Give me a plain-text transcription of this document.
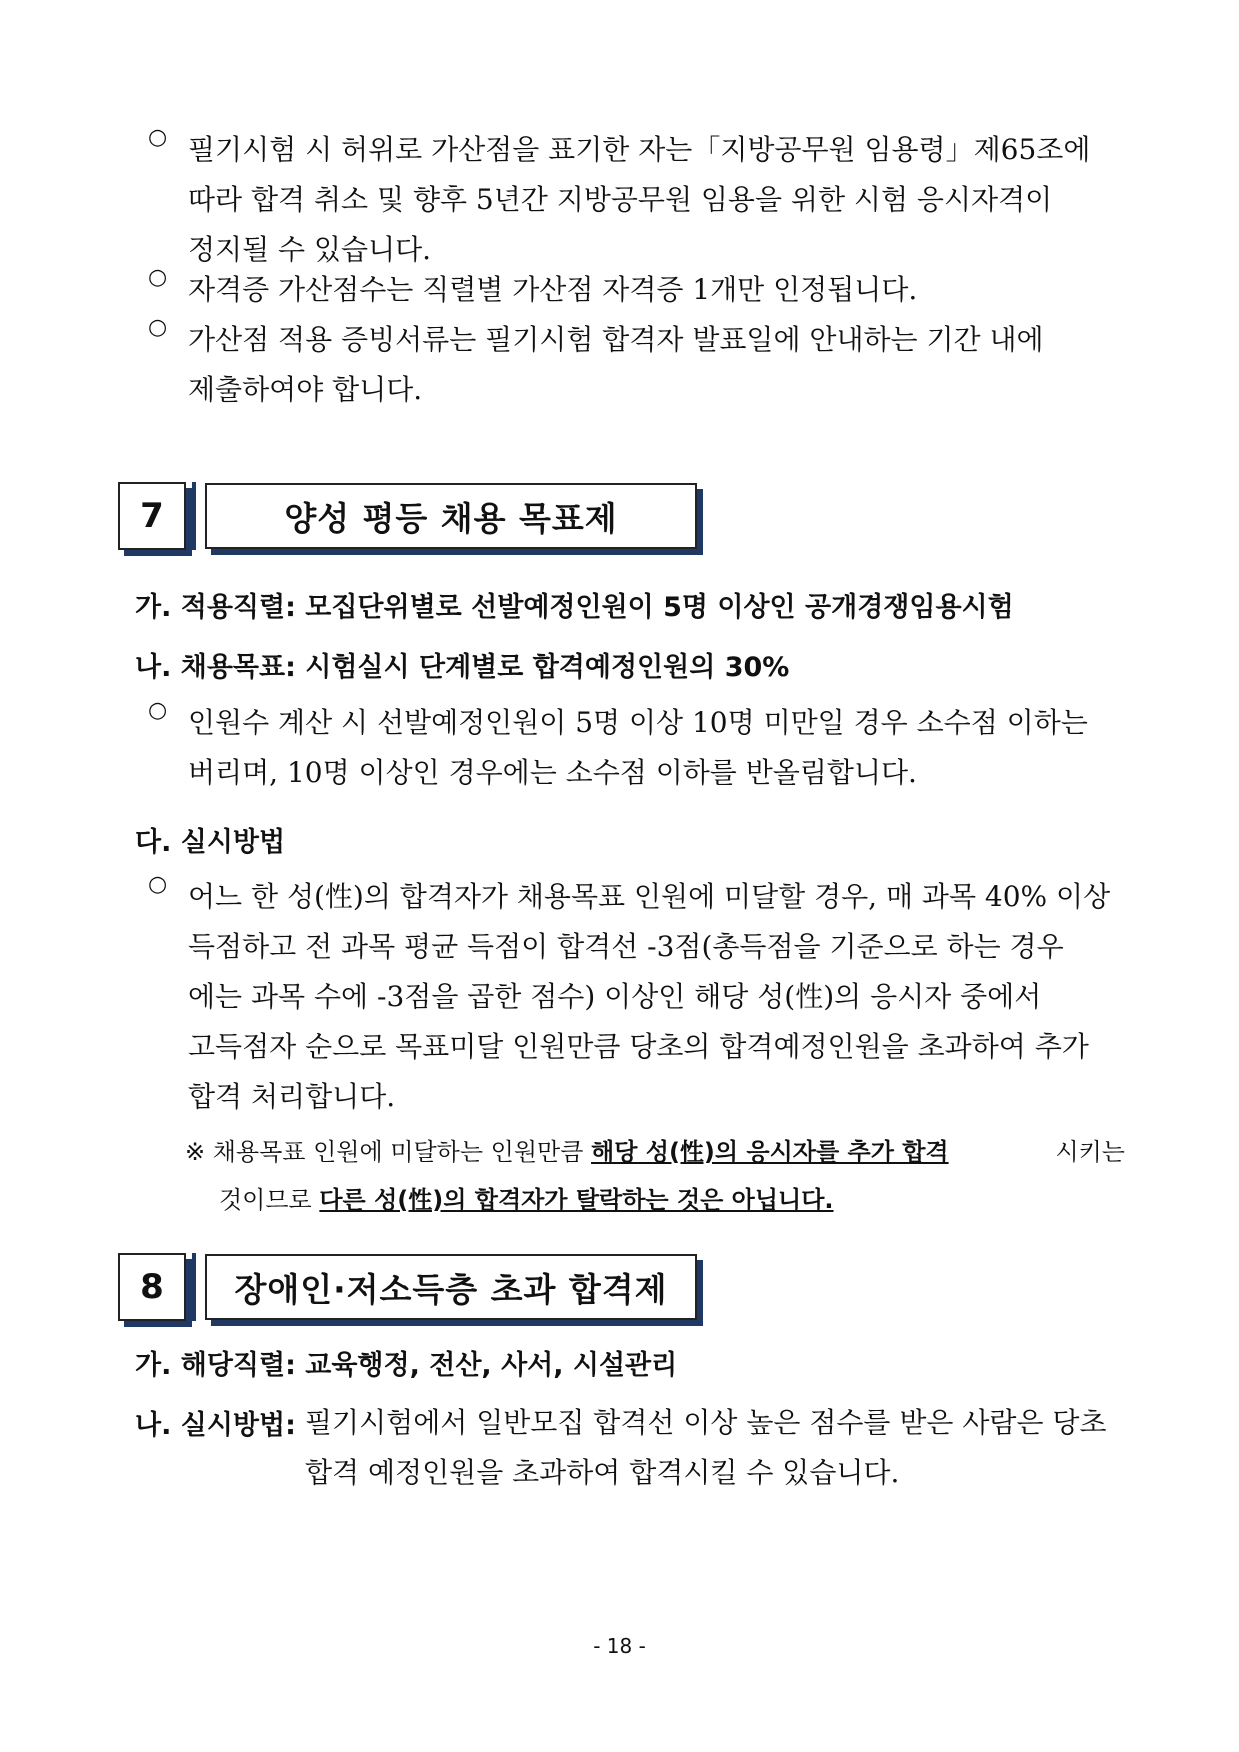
○ 필기시험 시 허위로 가산점을 표기한 자는「지방공무원 임용령」제65조에
따라 합격 취소 및 향후 5년간 지방공무원 임용을 위한 시험 응시자격이
정지될 수 있습니다.
○ 자격증 가산점수는 직렬별 가산점 자격증 1개만 인정됩니다.
○ 가산점 적용 증빙서류는 필기시험 합격자 발표일에 안내하는 기간 내에
제출하여야 합니다.
7	양성 평등 채용 목표제
가. 적용직렬: 모집단위별로 선발예정인원이 5명 이상인 공개경쟁임용시험
나. 채용목표: 시험실시 단계별로 합격예정인원의 30%
○ 인원수 계산 시 선발예정인원이 5명 이상 10명 미만일 경우 소수점 이하는
버리며, 10명 이상인 경우에는 소수점 이하를 반올림합니다.
다. 실시방법
○ 어느 한 성(性)의 합격자가 채용목표 인원에 미달할 경우, 매 과목 40% 이상
득점하고 전 과목 평균 득점이 합격선 -3점(총득점을 기준으로 하는 경우
에는 과목 수에 -3점을 곱한 점수) 이상인 해당 성(性)의 응시자 중에서
고득점자 순으로 목표미달 인원만큼 당초의 합격예정인원을 초과하여 추가
합격 처리합니다.
※ 채용목표 인원에 미달하는 인원만큼 해당 성(性)의 응시자를 추가 합격	시키는
것이므로 다른 성(性)의 합격자가 탈락하는 것은 아닙니다.
8	장애인·저소득층 초과 합격제
가. 해당직렬: 교육행정, 전산, 사서, 시설관리
나. 실시방법: 필기시험에서 일반모집 합격선 이상 높은 점수를 받은 사람은 당초
합격 예정인원을 초과하여 합격시킬 수 있습니다.
- 18 -
